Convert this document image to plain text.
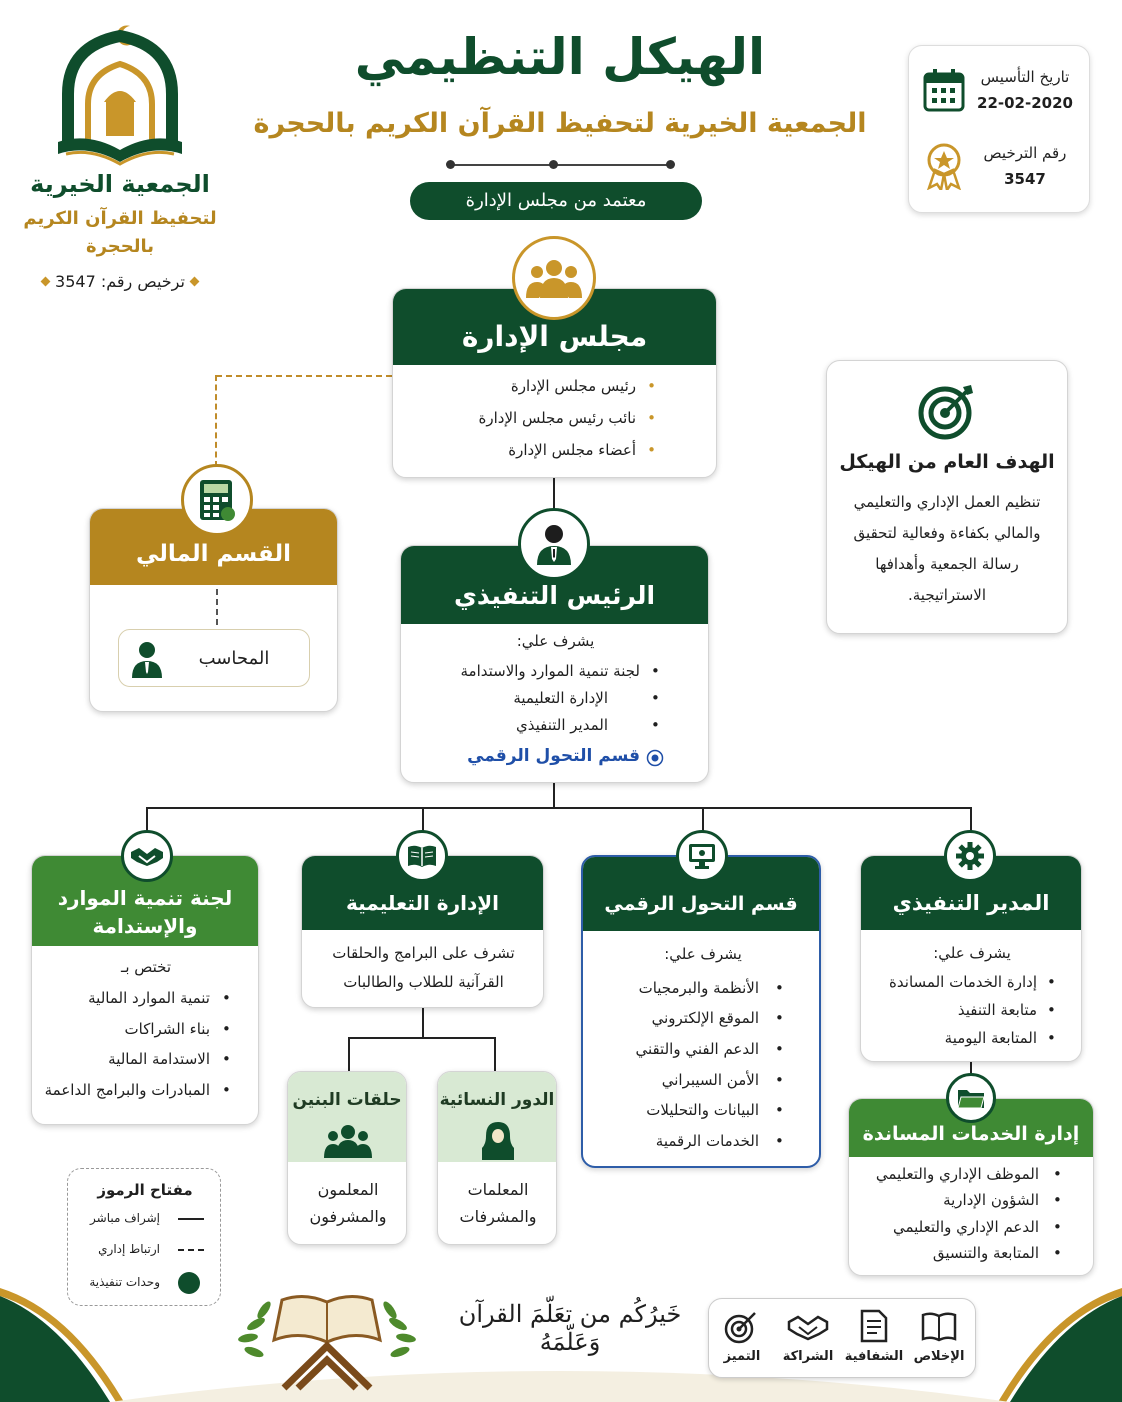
الهيكل التنظيمي
الجمعية الخيرية لتحفيظ القرآن الكريم بالحجرة
معتمد من مجلس الإدارة
الجمعية الخيرية
لتحفيظ القرآن الكريم
بالحجرة
ترخيص رقم: 3547
تاريخ التأسيس
22-02-2020
رقم الترخيص
3547
مجلس الإدارة
• رئيس مجلس الإدارة
• نائب رئيس مجلس الإدارة
• أعضاء مجلس الإدارة
الهدف العام من الهيكل
تنظيم العمل الإداري والتعليمي
والمالي بكفاءة وفعالية لتحقيق
رسالة الجمعية وأهدافها
الاستراتيجية.
القسم المالي
المحاسب
الرئيس التنفيذي
يشرف علي:
لجنة تنمية الموارد والاستدامة •
الإدارة التعليمية	•
المدير التنفيذي	•
قسم التحول الرقمي
لجنة تنمية الموارد
والإستدامة
تختص بـ
تنمية الموارد المالية
بناء الشراكات
الاستدامة المالية
المبادرات والبرامج الداعمة
•
•
•
•
الإدارة التعليمية
تشرف على البرامج والحلقات
القرآنية للطلاب والطالبات
قسم التحول الرقمي
يشرف علي:
الأنظمة والبرمجيات
الموقع الإلكتروني
الدعم الفني والتقني
الأمن السيبراني
البيانات والتحليلات
الخدمات الرقمية
•
•
•
•
•
•
المدير التنفيذي
يشرف علي:
إدارة الخدمات المساندة
متابعة التنفيذ
المتابعة اليومية
•
•
•
الدور النسائية
المعلمات
والمشرفات
حلقات البنين
المعلمون
والمشرفون
إدارة الخدمات المساندة
الموظف الإداري والتعليمي
الشؤون الإدارية
الدعم الإداري والتعليمي
المتابعة والتنسيق
•
•
•
•
مفتاح الرموز
إشراف مباشر
ارتباط إداري
وحدات تنفيذية
خَيرُكُم من تعَلّمَ القرآن وَعَلّمَهُ
الإخلاص
الشفافية
الشراكة
التميز
